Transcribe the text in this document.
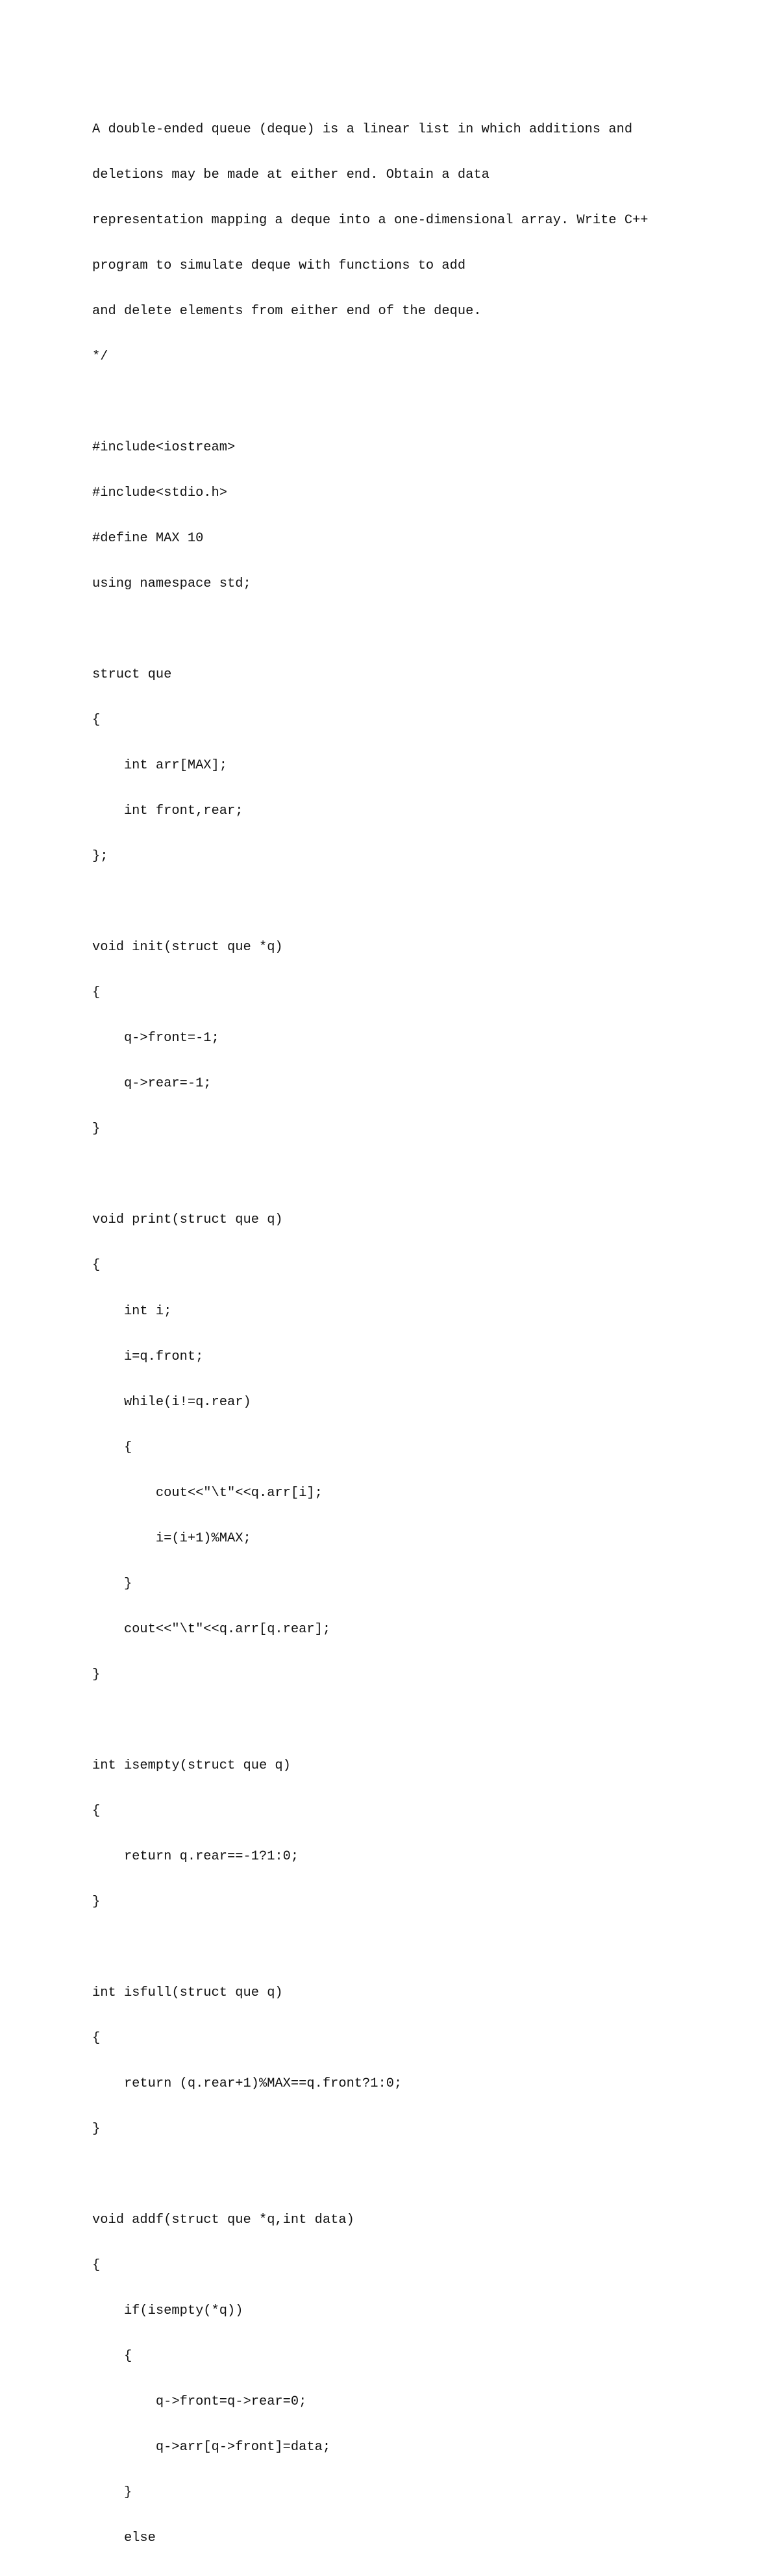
A double-ended queue (deque) is a linear list in which additions and

deletions may be made at either end. Obtain a data

representation mapping a deque into a one-dimensional array. Write C++

program to simulate deque with functions to add

and delete elements from either end of the deque.

*/

#include<iostream>

#include<stdio.h>

#define MAX 10

using namespace std;

struct que

{

int arr[MAX];

int front,rear;

};

void init(struct que *q)

{

q->front=-1;

q->rear=-1;

}

void print(struct que q)

{

int i;

i=q.front;

while(i!=q.rear)

{

cout<<"\t"<<q.arr[i];

i=(i+1)%MAX;

}

cout<<"\t"<<q.arr[q.rear];

}

int isempty(struct que q)

{

return q.rear==-1?1:0;

}

int isfull(struct que q)

{

return (q.rear+1)%MAX==q.front?1:0;

}

void addf(struct que *q,int data)

{

if(isempty(*q))

{

q->front=q->rear=0;

q->arr[q->front]=data;

}

else
